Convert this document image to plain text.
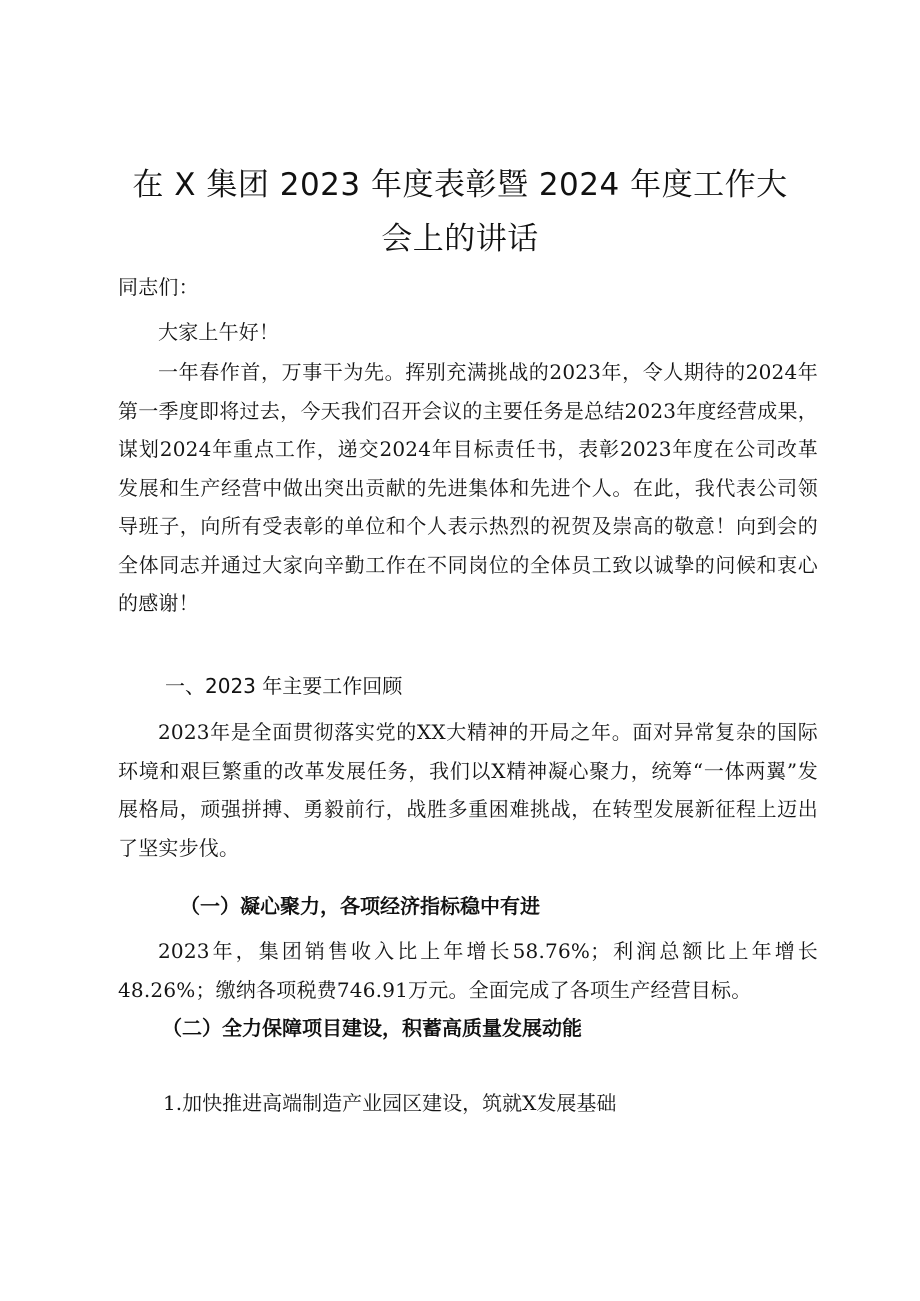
在 X 集团 2023 年度表彰暨 2024 年度工作大
会上的讲话
同志们：
大家上午好！
一年春作首，万事干为先。挥别充满挑战的2023年，令人期待的2024年第一季度即将过去，今天我们召开会议的主要任务是总结2023年度经营成果，谋划2024年重点工作，递交2024年目标责任书，表彰2023年度在公司改革发展和生产经营中做出突出贡献的先进集体和先进个人。在此，我代表公司领导班子，向所有受表彰的单位和个人表示热烈的祝贺及崇高的敬意！向到会的全体同志并通过大家向辛勤工作在不同岗位的全体员工致以诚挚的问候和衷心的感谢！
一、2023 年主要工作回顾
2023年是全面贯彻落实党的XX大精神的开局之年。面对异常复杂的国际环境和艰巨繁重的改革发展任务，我们以X精神凝心聚力，统筹“一体两翼”发展格局，顽强拼搏、勇毅前行，战胜多重困难挑战，在转型发展新征程上迈出了坚实步伐。
（一）凝心聚力，各项经济指标稳中有进
2023年，集团销售收入比上年增长58.76%；利润总额比上年增长48.26%；缴纳各项税费746.91万元。全面完成了各项生产经营目标。
（二）全力保障项目建设，积蓄高质量发展动能
1.加快推进高端制造产业园区建设，筑就X发展基础
